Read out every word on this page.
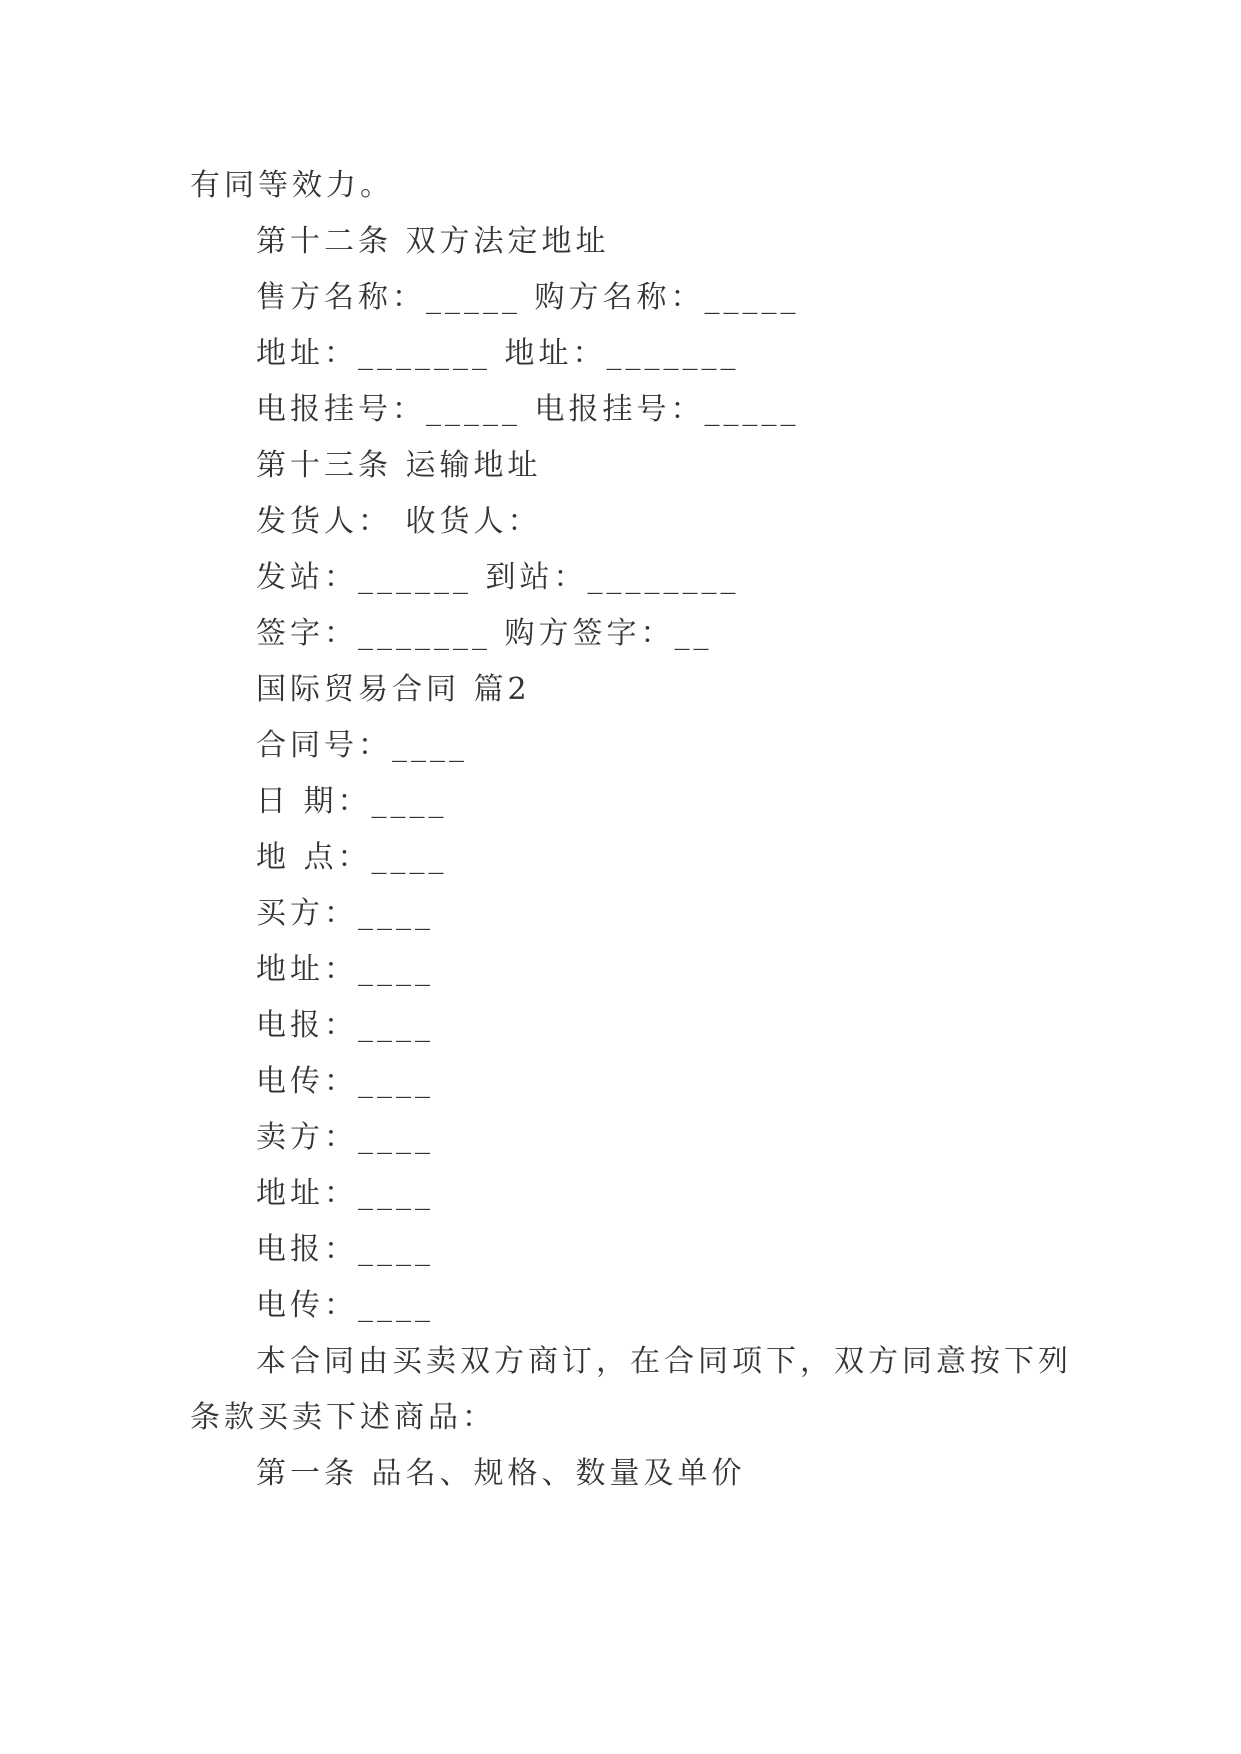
有同等效力。
第十二条 双方法定地址
售方名称：_____ 购方名称：_____
地址：_______ 地址：_______
电报挂号：_____ 电报挂号：_____
第十三条 运输地址
发货人： 收货人：
发站：______ 到站：________
签字：_______ 购方签字：__
国际贸易合同 篇2
合同号：____
日 期：____
地 点：____
买方：____
地址：____
电报：____
电传：____
卖方：____
地址：____
电报：____
电传：____
本合同由买卖双方商订，在合同项下，双方同意按下列
条款买卖下述商品：
第一条 品名、规格、数量及单价
